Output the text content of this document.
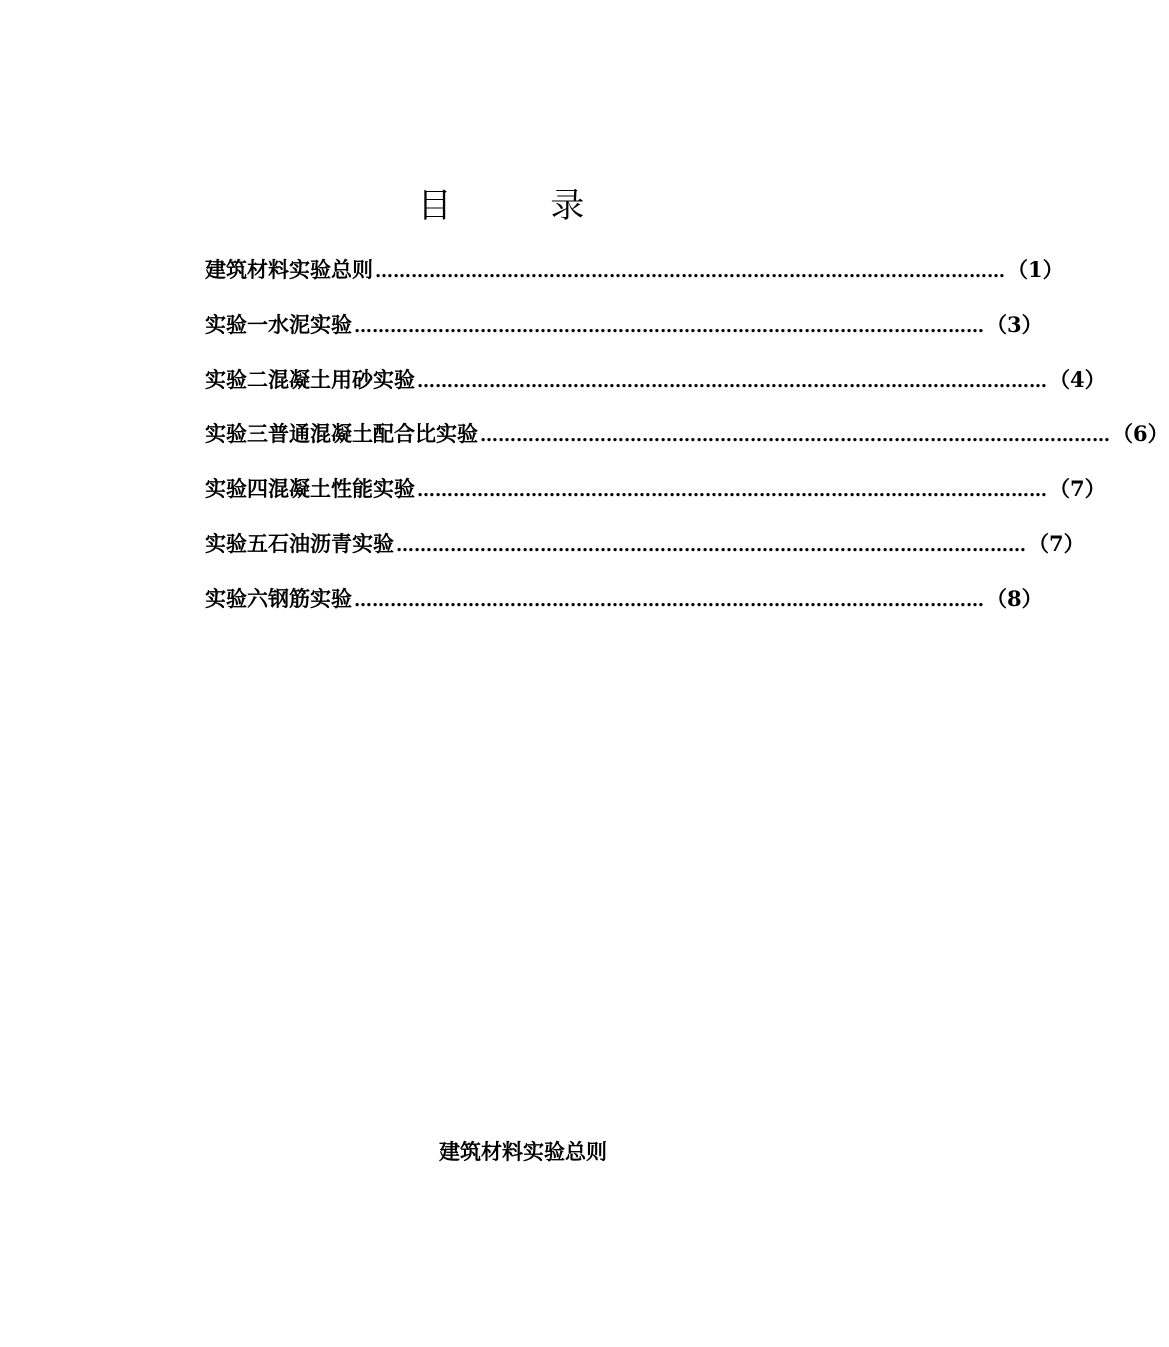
目 录
建筑材料实验总则 …………………………………………………………………………………………… （1）
实验一 水泥实验 …………………………………………………………………………………………… （3）
实验二 混凝土用砂实验 …………………………………………………………………………………………… （4）
实验三 普通混凝土配合比实验 …………………………………………………………………………………………… （6）
实验四 混凝土性能实验 …………………………………………………………………………………………… （7）
实验五 石油沥青实验 …………………………………………………………………………………………… （7）
实验六 钢筋实验 …………………………………………………………………………………………… （8）
建筑材料实验总则
